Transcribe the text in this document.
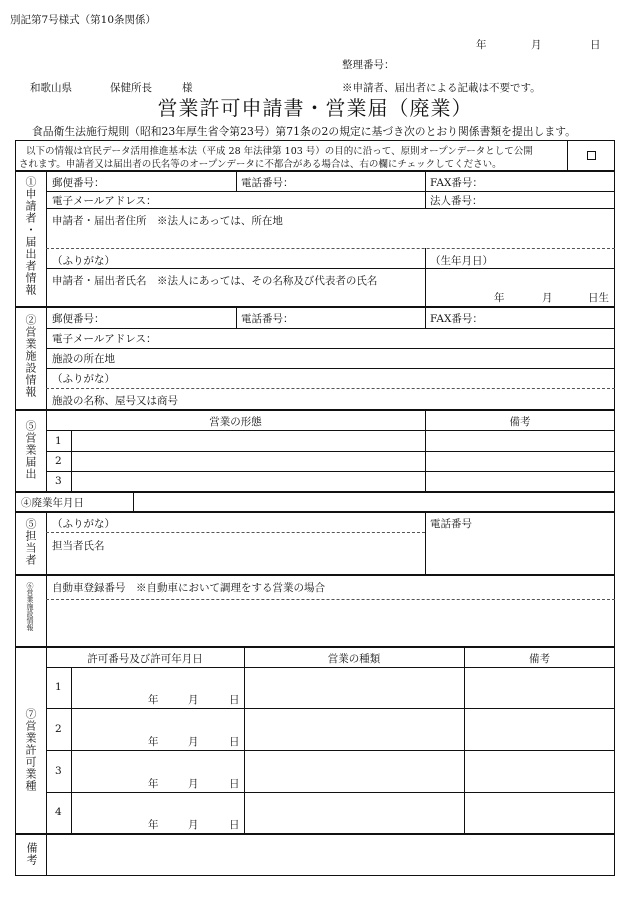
別記第7号様式（第10条関係）
年	月	日
整理番号：
和歌山県	保健所長	様	※申請者、届出者による記載は不要です。
営業許可申請書・営業届（廃業）
食品衛生法施行規則（昭和23年厚生省令第23号）第71条の2の規定に基づき次のとおり関係書類を提出します。
以下の情報は官民データ活用推進基本法（平成 28 年法律第 103 号）の目的に沿って、原則オープンデータとして公開
されます。申請者又は届出者の氏名等のオープンデータに不都合がある場合は、右の欄にチェックしてください。
①申請者・届出者情報 郵便番号：	電話番号：	FAX番号：
電子メールアドレス：	法人番号：
申請者・届出者住所　※法人にあっては、所在地
（ふりがな）	（生年月日）
申請者・届出者氏名　※法人にあっては、その名称及び代表者の氏名
年	月	日生
②営業施設情報 郵便番号：	電話番号：	FAX番号：
電子メールアドレス：
施設の所在地
（ふりがな）
施設の名称、屋号又は商号
⑤営業届出	営業の形態	備考
1
2
3
④廃業年月日
⑤担当者 （ふりがな）	電話番号
担当者氏名
⑥営業施設情報 自動車登録番号　※自動車において調理をする営業の場合
⑦営業許可業種
許可番号及び許可年月日	営業の種類	備考
1
年	月	日
2
年	月	日
3
年	月	日
4
年	月	日
備考
